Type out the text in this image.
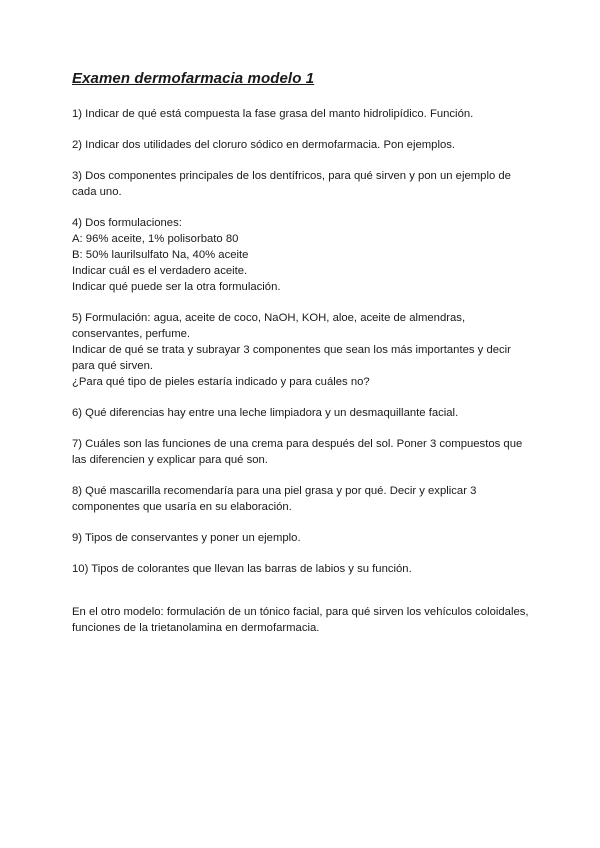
Examen dermofarmacia modelo 1
1) Indicar de qué está compuesta la fase grasa del manto hidrolipídico. Función.
2) Indicar dos utilidades del cloruro sódico en dermofarmacia. Pon ejemplos.
3) Dos componentes principales de los dentífricos, para qué sirven y pon un ejemplo de
cada uno.
4) Dos formulaciones:
A: 96% aceite, 1% polisorbato 80
B: 50% laurilsulfato Na, 40% aceite
Indicar cuál es el verdadero aceite.
Indicar qué puede ser la otra formulación.
5) Formulación: agua, aceite de coco, NaOH, KOH, aloe, aceite de almendras,
conservantes, perfume.
Indicar de qué se trata y subrayar 3 componentes que sean los más importantes y decir
para qué sirven.
¿Para qué tipo de pieles estaría indicado y para cuáles no?
6) Qué diferencias hay entre una leche limpiadora y un desmaquillante facial.
7) Cuáles son las funciones de una crema para después del sol. Poner 3 compuestos que
las diferencien y explicar para qué son.
8) Qué mascarilla recomendaría para una piel grasa y por qué. Decir y explicar 3
componentes que usaría en su elaboración.
9) Tipos de conservantes y poner un ejemplo.
10) Tipos de colorantes que llevan las barras de labios y su función.
En el otro modelo: formulación de un tónico facial, para qué sirven los vehículos coloidales,
funciones de la trietanolamina en dermofarmacia.
